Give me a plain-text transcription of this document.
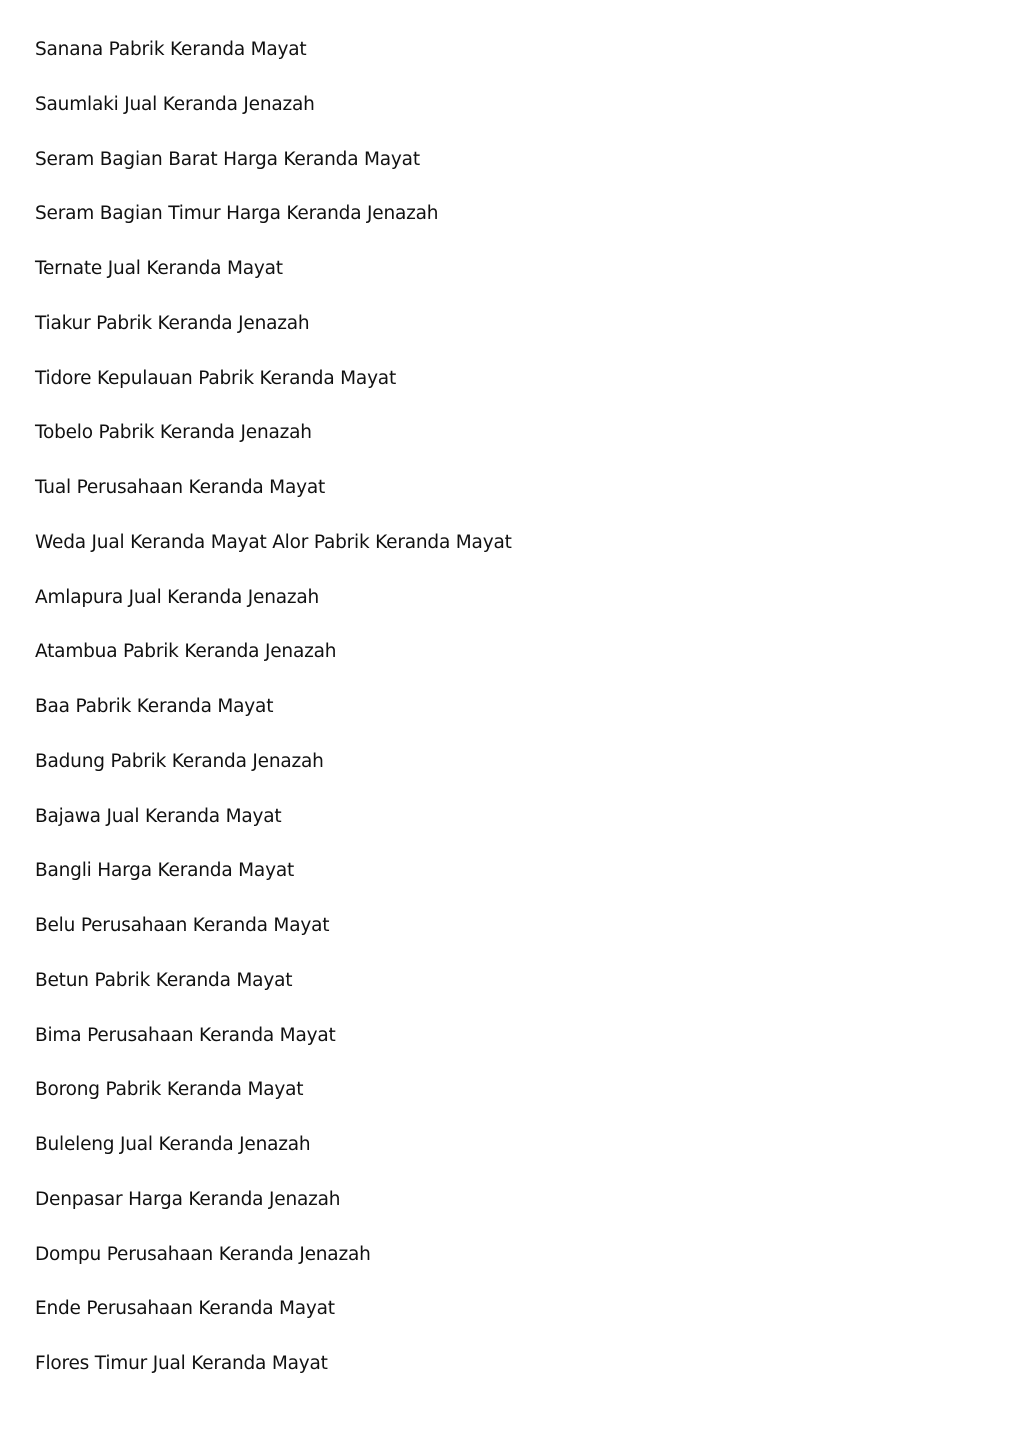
Sanana Pabrik Keranda Mayat
Saumlaki Jual Keranda Jenazah
Seram Bagian Barat Harga Keranda Mayat
Seram Bagian Timur Harga Keranda Jenazah
Ternate Jual Keranda Mayat
Tiakur Pabrik Keranda Jenazah
Tidore Kepulauan Pabrik Keranda Mayat
Tobelo Pabrik Keranda Jenazah
Tual Perusahaan Keranda Mayat
Weda Jual Keranda Mayat Alor Pabrik Keranda Mayat
Amlapura Jual Keranda Jenazah
Atambua Pabrik Keranda Jenazah
Baa Pabrik Keranda Mayat
Badung Pabrik Keranda Jenazah
Bajawa Jual Keranda Mayat
Bangli Harga Keranda Mayat
Belu Perusahaan Keranda Mayat
Betun Pabrik Keranda Mayat
Bima Perusahaan Keranda Mayat
Borong Pabrik Keranda Mayat
Buleleng Jual Keranda Jenazah
Denpasar Harga Keranda Jenazah
Dompu Perusahaan Keranda Jenazah
Ende Perusahaan Keranda Mayat
Flores Timur Jual Keranda Mayat
